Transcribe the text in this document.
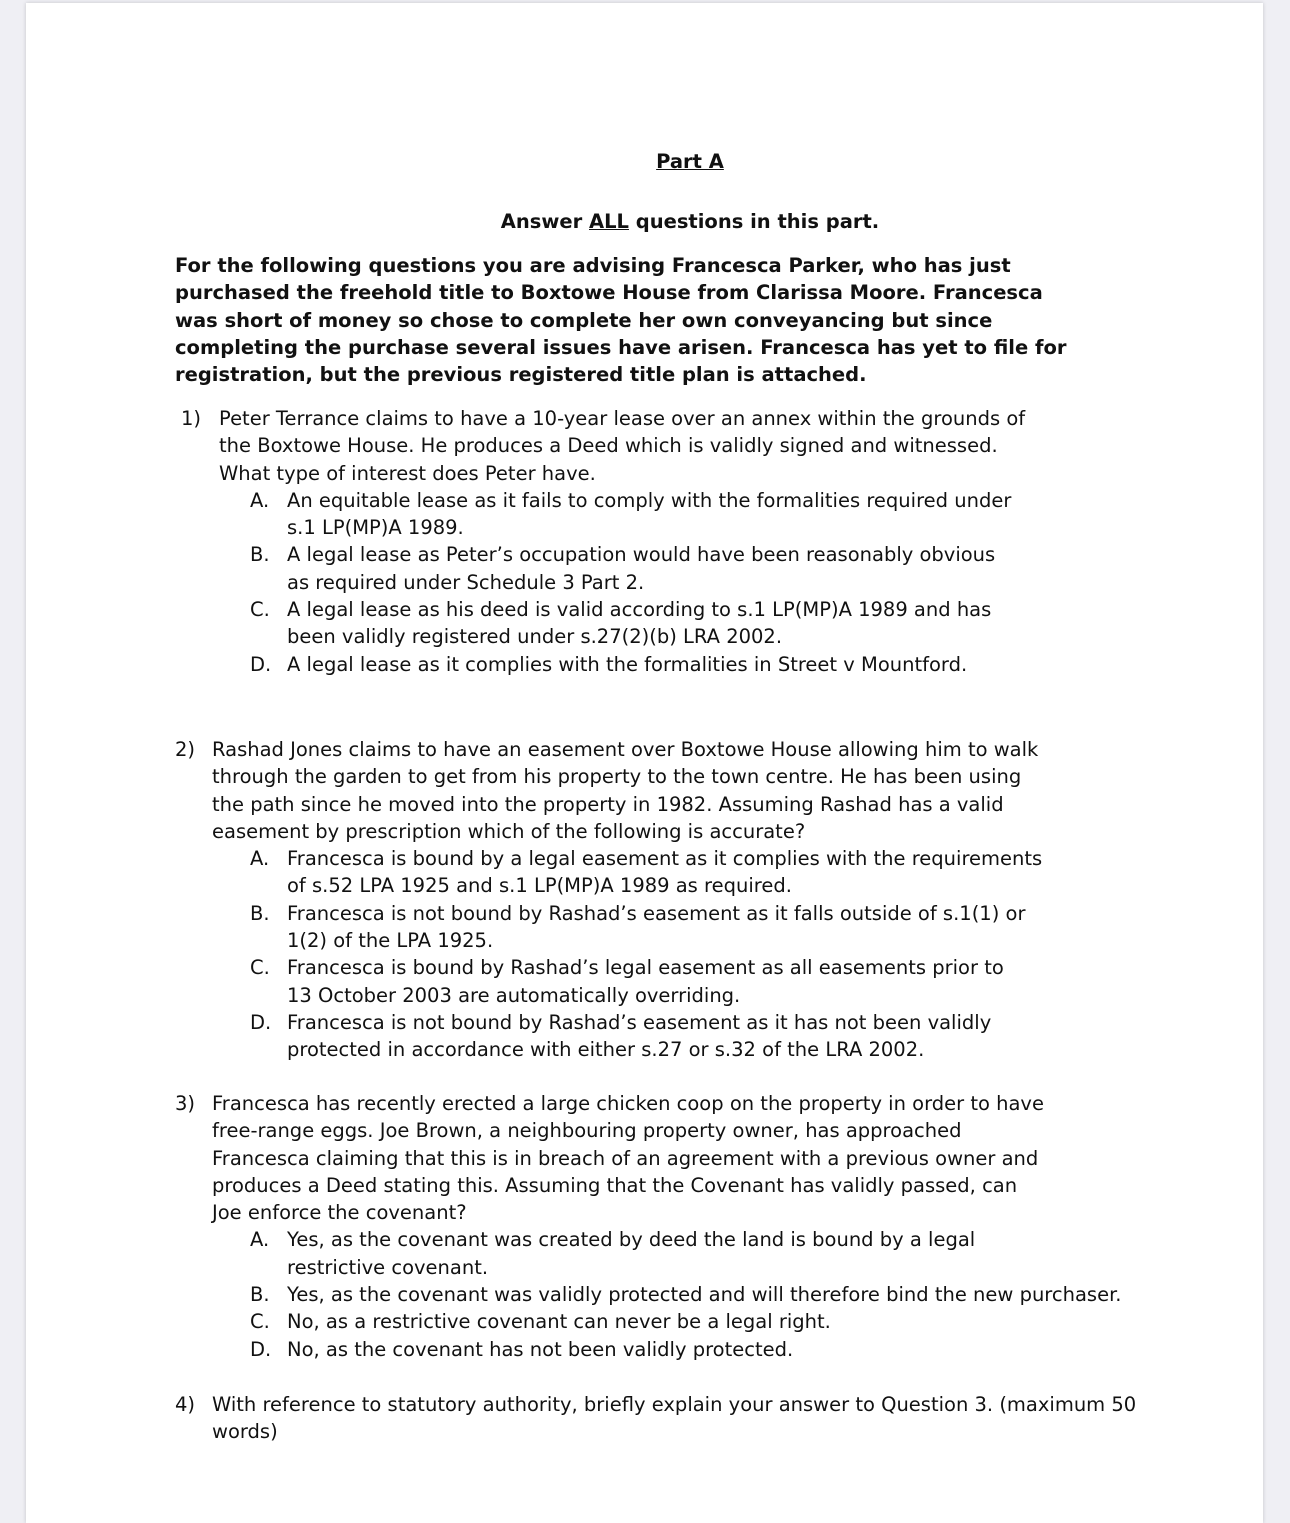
Part A
Answer ALL questions in this part.
For the following questions you are advising Francesca Parker, who has just
purchased the freehold title to Boxtowe House from Clarissa Moore. Francesca
was short of money so chose to complete her own conveyancing but since
completing the purchase several issues have arisen. Francesca has yet to file for
registration, but the previous registered title plan is attached.
1) Peter Terrance claims to have a 10-year lease over an annex within the grounds of
the Boxtowe House. He produces a Deed which is validly signed and witnessed.
What type of interest does Peter have.
A. An equitable lease as it fails to comply with the formalities required under
s.1 LP(MP)A 1989.
B. A legal lease as Peter’s occupation would have been reasonably obvious
as required under Schedule 3 Part 2.
C. A legal lease as his deed is valid according to s.1 LP(MP)A 1989 and has
been validly registered under s.27(2)(b) LRA 2002.
D. A legal lease as it complies with the formalities in Street v Mountford.
2) Rashad Jones claims to have an easement over Boxtowe House allowing him to walk
through the garden to get from his property to the town centre. He has been using
the path since he moved into the property in 1982. Assuming Rashad has a valid
easement by prescription which of the following is accurate?
A. Francesca is bound by a legal easement as it complies with the requirements
of s.52 LPA 1925 and s.1 LP(MP)A 1989 as required.
B. Francesca is not bound by Rashad’s easement as it falls outside of s.1(1) or
1(2) of the LPA 1925.
C. Francesca is bound by Rashad’s legal easement as all easements prior to
13 October 2003 are automatically overriding.
D. Francesca is not bound by Rashad’s easement as it has not been validly
protected in accordance with either s.27 or s.32 of the LRA 2002.
3) Francesca has recently erected a large chicken coop on the property in order to have
free-range eggs. Joe Brown, a neighbouring property owner, has approached
Francesca claiming that this is in breach of an agreement with a previous owner and
produces a Deed stating this. Assuming that the Covenant has validly passed, can
Joe enforce the covenant?
A. Yes, as the covenant was created by deed the land is bound by a legal
restrictive covenant.
B. Yes, as the covenant was validly protected and will therefore bind the new purchaser.
C. No, as a restrictive covenant can never be a legal right.
D. No, as the covenant has not been validly protected.
4) With reference to statutory authority, briefly explain your answer to Question 3. (maximum 50
words)
